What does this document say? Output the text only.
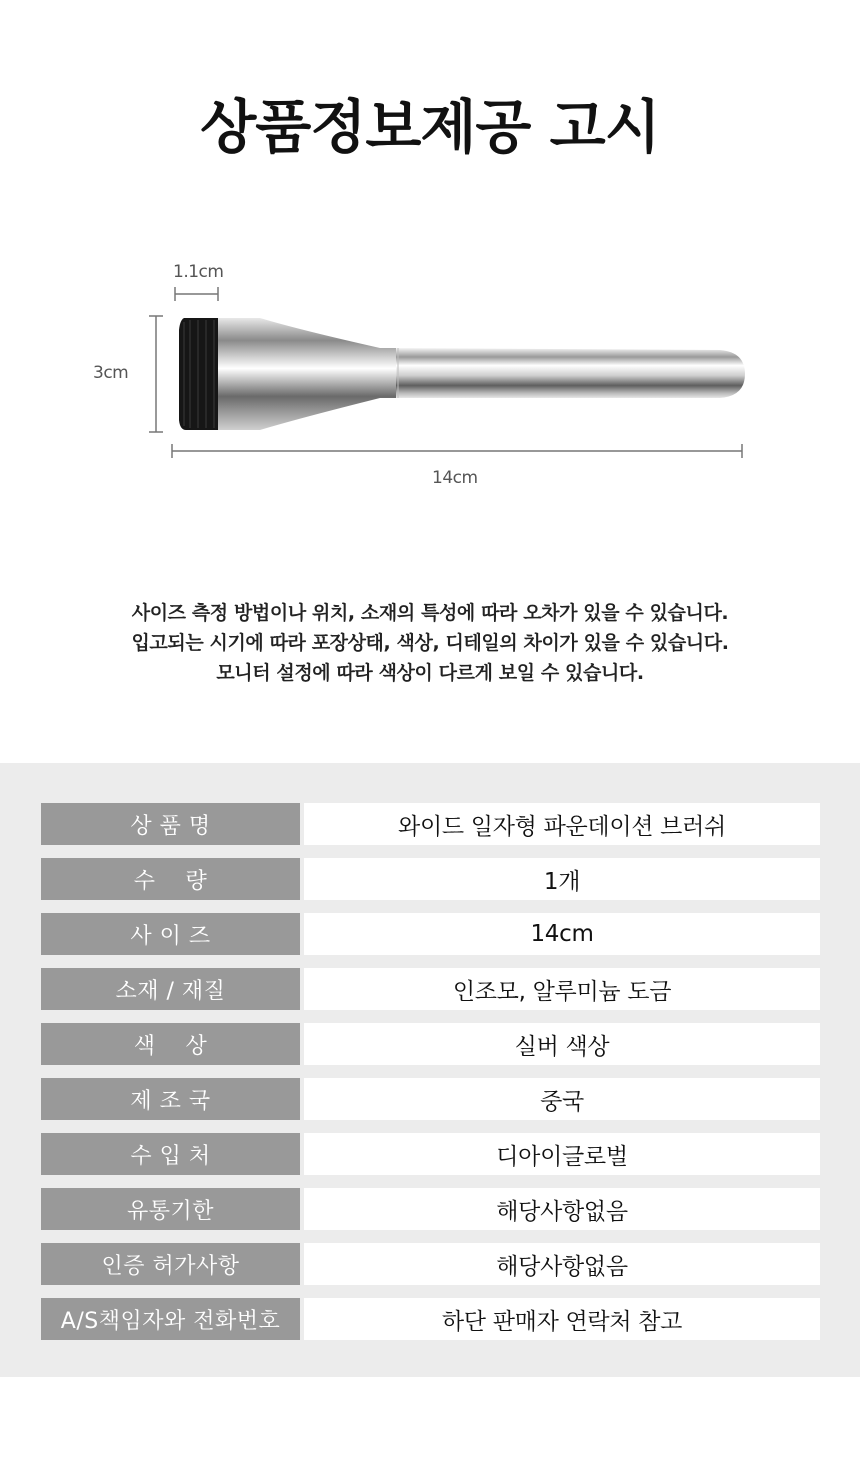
상품정보제공 고시
1.1cm
3cm
14cm
사이즈 측정 방법이나 위치, 소재의 특성에 따라 오차가 있을 수 있습니다.
입고되는 시기에 따라 포장상태, 색상, 디테일의 차이가 있을 수 있습니다.
모니터 설정에 따라 색상이 다르게 보일 수 있습니다.
상 품 명	와이드 일자형 파운데이션 브러쉬
수    량	1개
사 이 즈	14cm
소재 / 재질	인조모, 알루미늄 도금
색    상	실버 색상
제 조 국	중국
수 입 처	디아이글로벌
유통기한	해당사항없음
인증 허가사항	해당사항없음
A/S책임자와 전화번호	하단 판매자 연락처 참고
